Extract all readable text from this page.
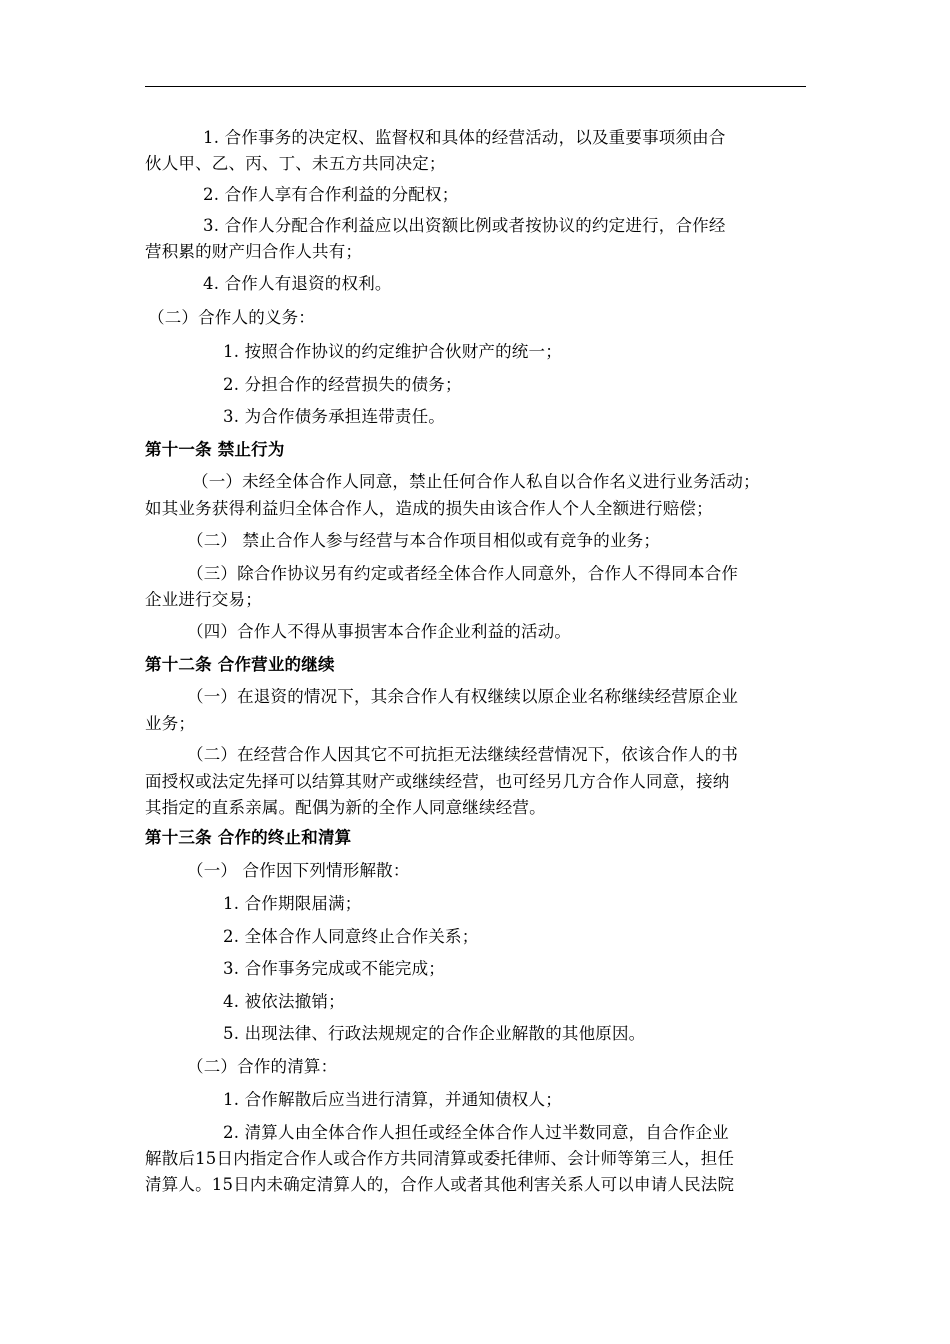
1. 合作事务的决定权、监督权和具体的经营活动，以及重要事项须由合
伙人甲、乙、丙、丁、未五方共同决定；
2. 合作人享有合作利益的分配权；
3. 合作人分配合作利益应以出资额比例或者按协议的约定进行，合作经
营积累的财产归合作人共有；
4. 合作人有退资的权利。
（二）合作人的义务：
1. 按照合作协议的约定维护合伙财产的统一；
2. 分担合作的经营损失的债务；
3. 为合作债务承担连带责任。
第十一条 禁止行为
（一）未经全体合作人同意，禁止任何合作人私自以合作名义进行业务活动；
如其业务获得利益归全体合作人，造成的损失由该合作人个人全额进行赔偿；
（二） 禁止合作人参与经营与本合作项目相似或有竞争的业务；
（三）除合作协议另有约定或者经全体合作人同意外，合作人不得同本合作
企业进行交易；
（四）合作人不得从事损害本合作企业利益的活动。
第十二条 合作营业的继续
（一）在退资的情况下，其余合作人有权继续以原企业名称继续经营原企业
业务；
（二）在经营合作人因其它不可抗拒无法继续经营情况下，依该合作人的书
面授权或法定先择可以结算其财产或继续经营，也可经另几方合作人同意，接纳
其指定的直系亲属。配偶为新的全作人同意继续经营。
第十三条 合作的终止和清算
（一） 合作因下列情形解散：
1. 合作期限届满；
2. 全体合作人同意终止合作关系；
3. 合作事务完成或不能完成；
4. 被依法撤销；
5. 出现法律、行政法规规定的合作企业解散的其他原因。
（二）合作的清算：
1. 合作解散后应当进行清算，并通知债权人；
2. 清算人由全体合作人担任或经全体合作人过半数同意，自合作企业
解散后15日内指定合作人或合作方共同清算或委托律师、会计师等第三人，担任
清算人。15日内未确定清算人的，合作人或者其他利害关系人可以申请人民法院
